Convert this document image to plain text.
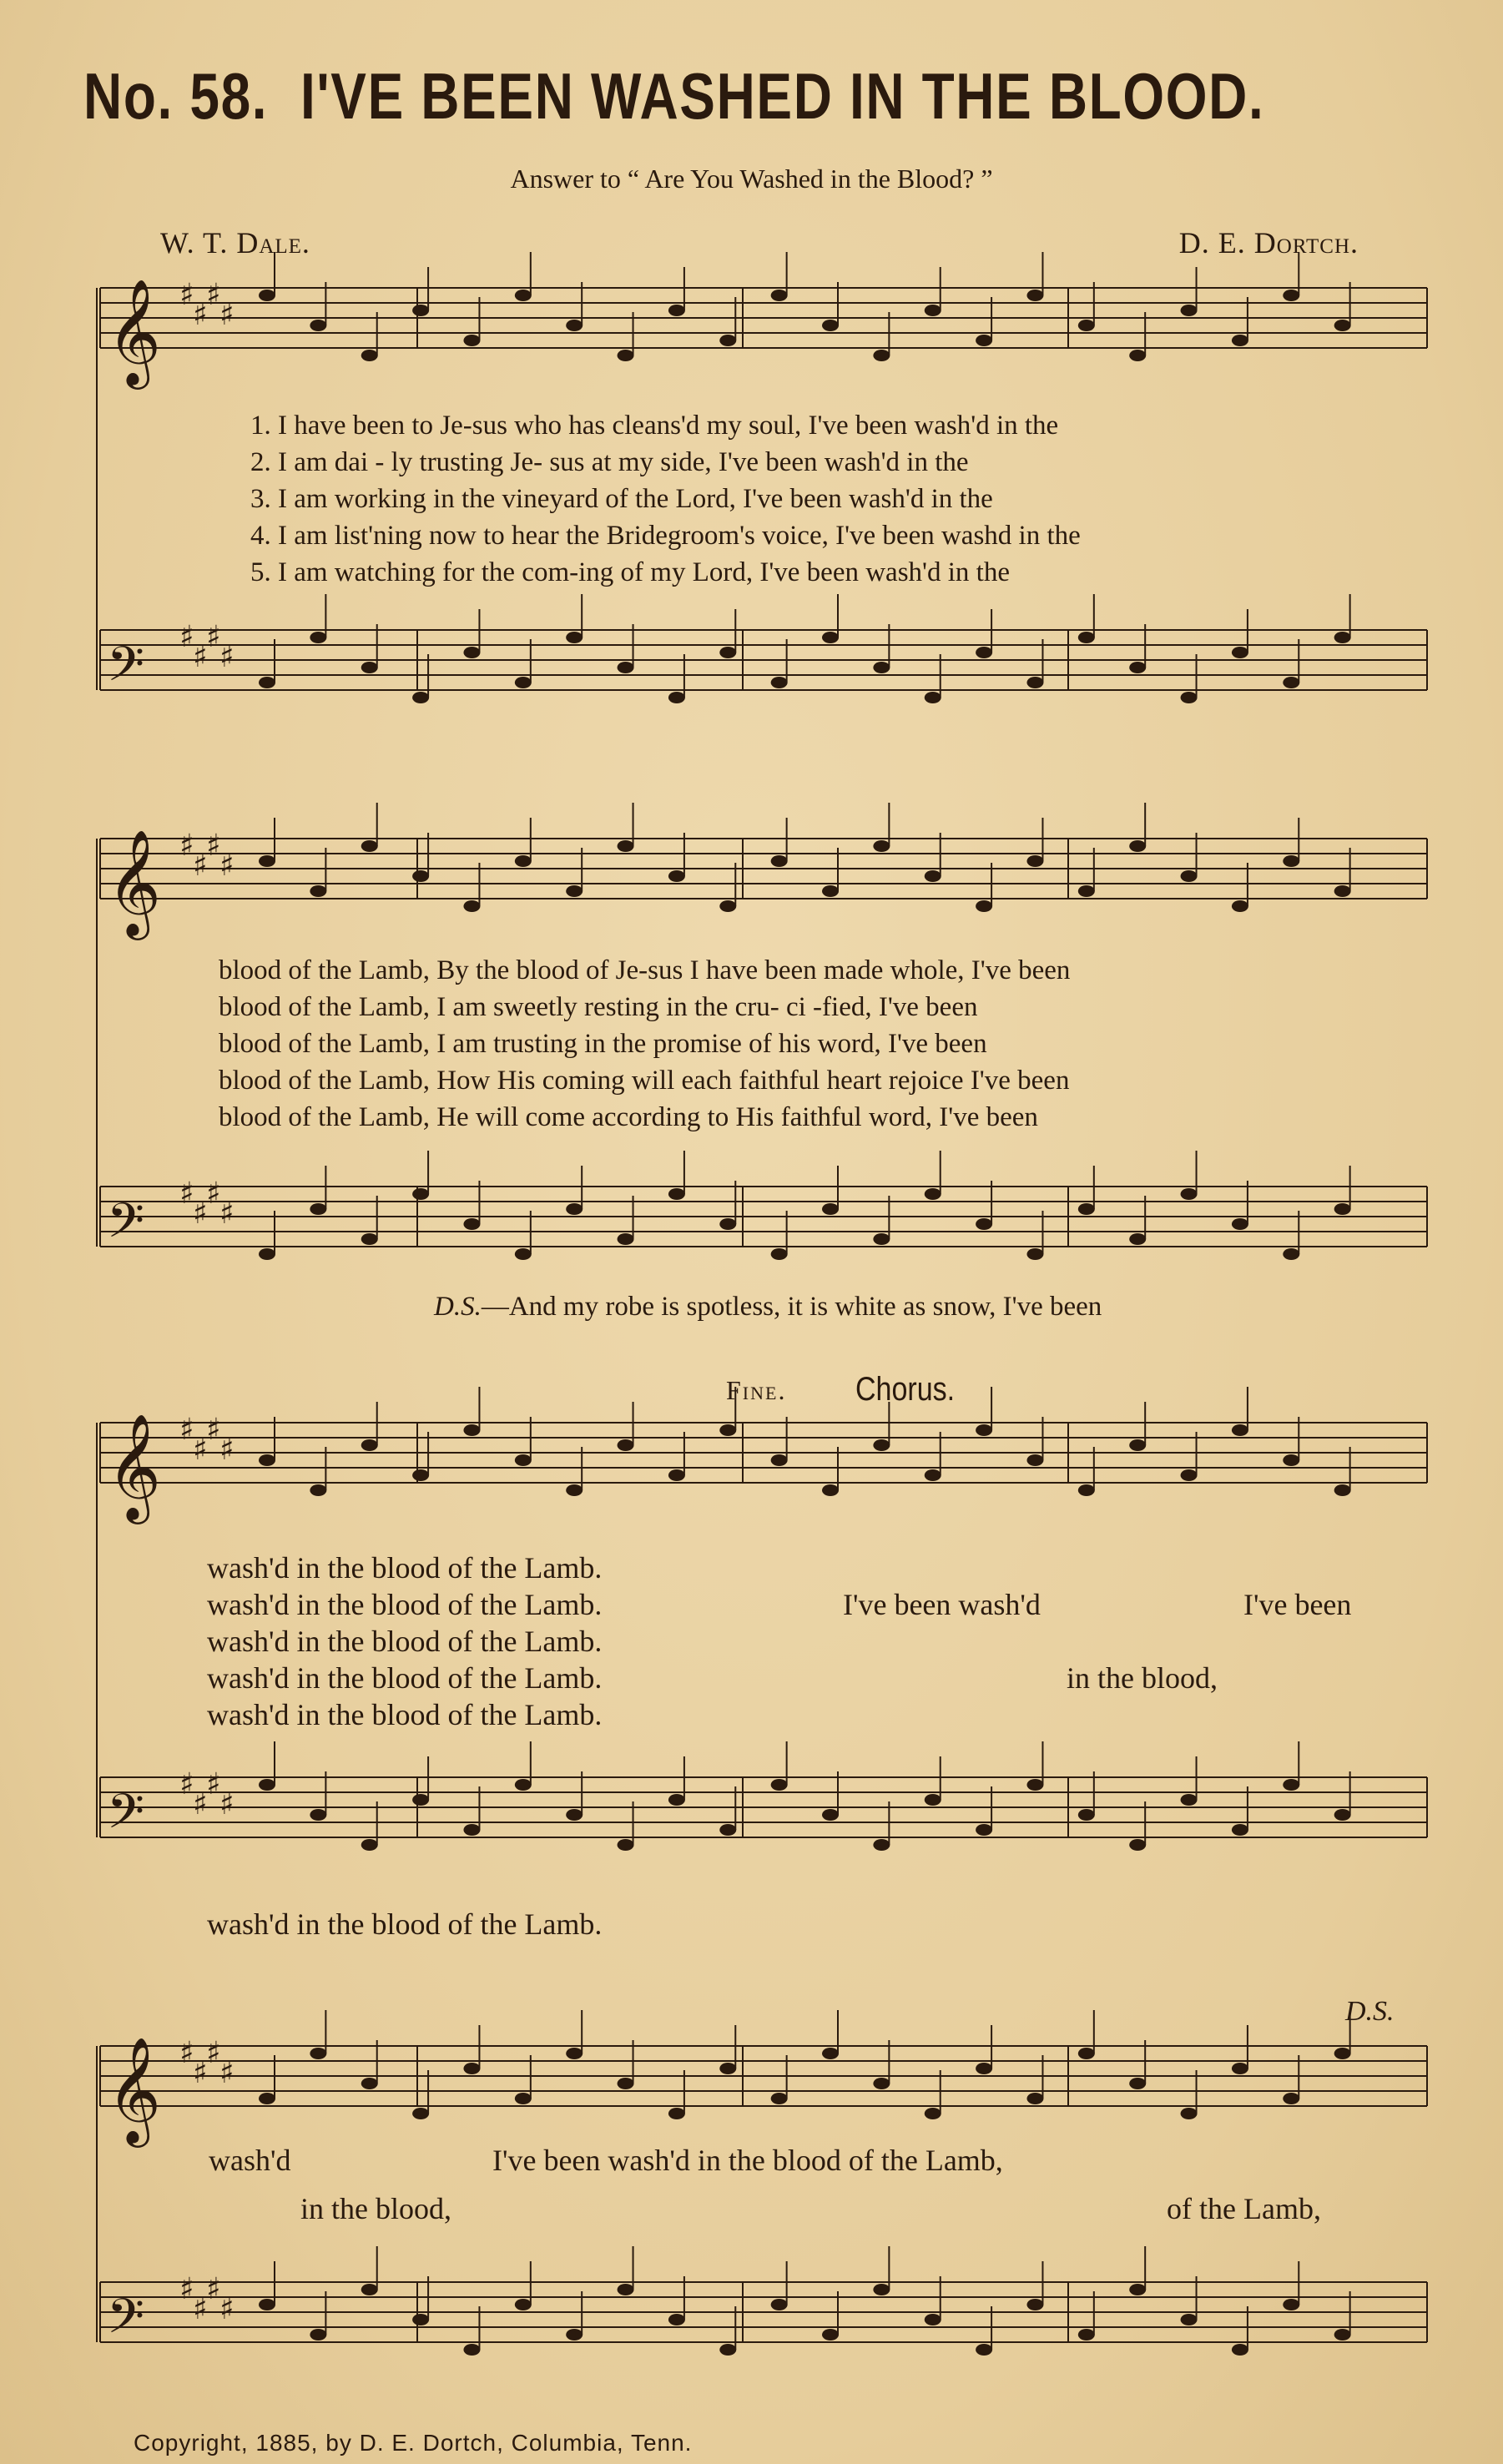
No. 58. I'VE BEEN WASHED IN THE BLOOD.
Answer to “ Are You Washed in the Blood? ”
W. T. Dale.	D. E. Dortch.
𝄞 ♯
♯
♯
♯
𝄢 ♯
♯
♯
♯
𝄞 ♯
♯
♯
♯
𝄢 ♯
♯
♯
♯
𝄞 ♯
♯
♯
♯
𝄢 ♯
♯
♯
♯
𝄞 ♯
♯
♯
♯
𝄢 ♯
♯
♯
♯
1. I have been to Je-sus who has cleans'd my soul, I've been wash'd in the
2. I am dai - ly trusting Je- sus at my side, I've been wash'd in the
3. I am working in the vineyard of the Lord, I've been wash'd in the
4. I am list'ning now to hear the Bridegroom's voice, I've been washd in the
5. I am watching for the com-ing of my Lord, I've been wash'd in the
blood of the Lamb, By the blood of Je-sus I have been made whole, I've been
blood of the Lamb, I am sweetly resting in the cru- ci -fied, I've been
blood of the Lamb, I am trusting in the promise of his word, I've been
blood of the Lamb, How His coming will each faithful heart rejoice I've been
blood of the Lamb, He will come according to His faithful word, I've been
D.S.—And my robe is spotless, it is white as snow, I've been
Fine. Chorus.
wash'd in the blood of the Lamb.
wash'd in the blood of the Lamb.
wash'd in the blood of the Lamb.
wash'd in the blood of the Lamb.
wash'd in the blood of the Lamb.
I've been wash'd	I've been
in the blood,
wash'd in the blood of the Lamb.
D.S.
wash'd	I've been wash'd in the blood of the Lamb,
in the blood,	of the Lamb,
Copyright, 1885, by D. E. Dortch, Columbia, Tenn.
